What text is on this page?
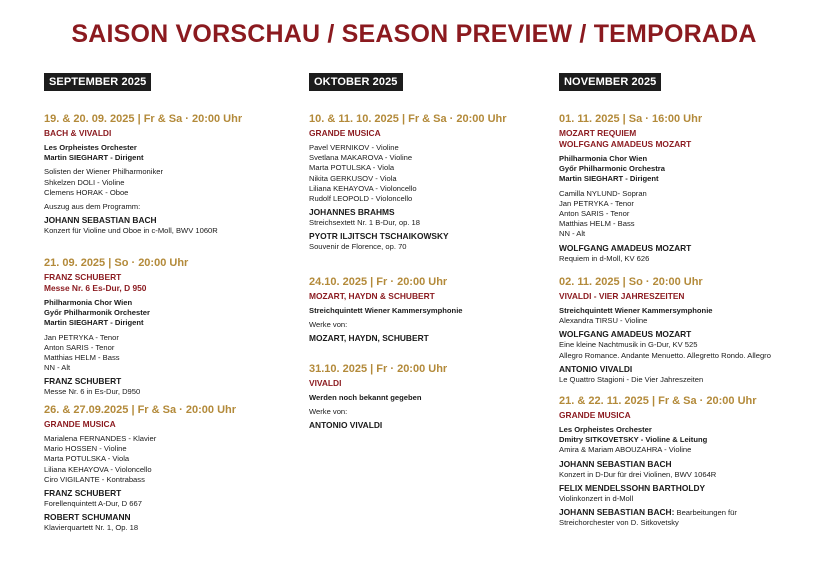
SAISON VORSCHAU / SEASON PREVIEW / TEMPORADA
SEPTEMBER 2025
19. & 20. 09. 2025 | Fr & Sa · 20:00 Uhr
BACH & VIVALDI
Les Orpheistes Orchester
Martin SIEGHART - Dirigent
Solisten der Wiener Philharmoniker
Shkelzen DOLI - Violine
Clemens HORAK - Oboe
Auszug aus dem Programm:
JOHANN SEBASTIAN BACH
Konzert für Violine und Oboe in c-Moll, BWV 1060R
21. 09. 2025 | So · 20:00 Uhr
FRANZ SCHUBERT
Messe Nr. 6 Es-Dur, D 950
Philharmonia Chor Wien
Győr Philharmonik Orchester
Martin SIEGHART - Dirigent
Jan PETRYKA - Tenor
Anton SARIS - Tenor
Matthias HELM - Bass
NN - Alt
FRANZ SCHUBERT
Messe Nr. 6 in Es-Dur, D950
26. & 27.09.2025 | Fr & Sa · 20:00 Uhr
GRANDE MUSICA
Marialena FERNANDES - Klavier
Mario HOSSEN - Violine
Marta POTULSKA - Viola
Liliana KEHAYOVA - Violoncello
Ciro VIGILANTE - Kontrabass
FRANZ SCHUBERT
Forellenquintett A-Dur, D 667
ROBERT SCHUMANN
Klavierquartett Nr. 1, Op. 18
OKTOBER 2025
10. & 11. 10. 2025 | Fr & Sa · 20:00 Uhr
GRANDE MUSICA
Pavel VERNIKOV - Violine
Svetlana MAKAROVA - Violine
Marta POTULSKA - Viola
Nikita GERKUSOV - Viola
Liliana KEHAYOVA - Violoncello
Rudolf LEOPOLD - Violoncello
JOHANNES BRAHMS
Streichsextett Nr. 1 B-Dur, op. 18
PYOTR ILJITSCH TSCHAIKOWSKY
Souvenir de Florence, op. 70
24.10. 2025 | Fr · 20:00 Uhr
MOZART, HAYDN & SCHUBERT
Streichquintett Wiener Kammersymphonie
Werke von:
MOZART, HAYDN, SCHUBERT
31.10. 2025 | Fr · 20:00 Uhr
VIVALDI
Werden noch bekannt gegeben
Werke von:
ANTONIO VIVALDI
NOVEMBER 2025
01. 11. 2025 | Sa · 16:00 Uhr
MOZART REQUIEM
WOLFGANG AMADEUS MOZART
Philharmonia Chor Wien
Győr Philharmonic Orchestra
Martin SIEGHART - Dirigent
Camilla NYLUND- Sopran
Jan PETRYKA - Tenor
Anton SARIS - Tenor
Matthias HELM - Bass
NN - Alt
WOLFGANG AMADEUS MOZART
Requiem in d-Moll, KV 626
02. 11. 2025 | So · 20:00 Uhr
VIVALDI - VIER JAHRESZEITEN
Streichquintett Wiener Kammersymphonie
Alexandra TIRSU - Violine
WOLFGANG AMADEUS MOZART
Eine kleine Nachtmusik in G-Dur, KV 525
Allegro Romance. Andante Menuetto. Allegretto Rondo. Allegro
ANTONIO VIVALDI
Le Quattro Stagioni - Die Vier Jahreszeiten
21. & 22. 11. 2025 | Fr & Sa · 20:00 Uhr
GRANDE MUSICA
Les Orpheistes Orchester
Dmitry SITKOVETSKY - Violine & Leitung
Amira & Mariam ABOUZAHRA - Violine
JOHANN SEBASTIAN BACH
Konzert in D-Dur für drei Violinen, BWV 1064R
FELIX MENDELSSOHN BARTHOLDY
Violinkonzert in d-Moll
JOHANN SEBASTIAN BACH: Bearbeitungen für
Streichorchester von D. Sitkovetsky
